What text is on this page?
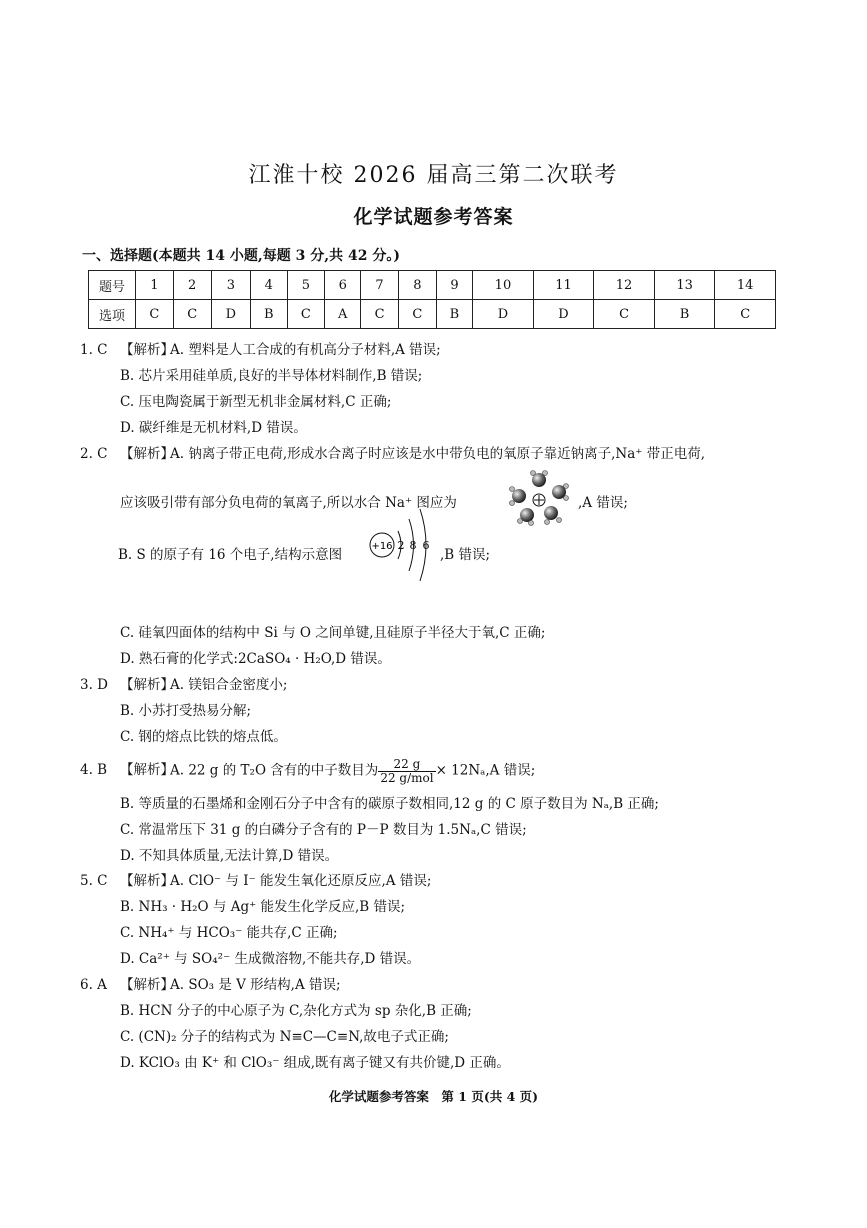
江淮十校 2026 届高三第二次联考
化学试题参考答案
一、选择题(本题共 14 小题,每题 3 分,共 42 分。)
题号	1	2	3	4	5	6	7	8	9	10	11	12	13	14
选项	C	C	D	B	C	A	C	C	B	D	D	C	B	C
1. C 【解析】
A. 塑料是人工合成的有机高分子材料,A 错误;
B. 芯片采用硅单质,良好的半导体材料制作,B 错误;
C. 压电陶瓷属于新型无机非金属材料,C 正确;
D. 碳纤维是无机材料,D 错误。
2. C 【解析】
A. 钠离子带正电荷,形成水合离子时应该是水中带负电的氧原子靠近钠离子,Na⁺ 带正电荷,
应该吸引带有部分负电荷的氧离子,所以水合 Na⁺ 图应为	,A 错误;
B. S 的原子有 16 个电子,结构示意图
+16 2 8 6
,B 错误;
C. 硅氧四面体的结构中 Si 与 O 之间单键,且硅原子半径大于氧,C 正确;
D. 熟石膏的化学式:2CaSO₄ · H₂O,D 错误。
3. D 【解析】
A. 镁铝合金密度小;
B. 小苏打受热易分解;
C. 钢的熔点比铁的熔点低。
4. B 【解析】
A. 22 g 的 T₂O 含有的中子数目为 $\frac{22 g}{\text{22 g/mol}} \times 12N_a,A$ 错误;
B. 等质量的石墨烯和金刚石分子中含有的碳原子数相同,12 g 的 C 原子数目为 Nₐ,B 正确;
C. 常温常压下 31 g 的白磷分子含有的 P－P 数目为 1.5Nₐ,C 错误;
D. 不知具体质量,无法计算,D 错误。
5. C 【解析】
A. ClO⁻ 与 I⁻ 能发生氧化还原反应,A 错误;
B. NH₃ · H₂O 与 Ag⁺ 能发生化学反应,B 错误;
C. NH₄⁺ 与 HCO₃⁻ 能共存,C 正确;
D. Ca²⁺ 与 SO₄²⁻ 生成微溶物,不能共存,D 错误。
6. A 【解析】
A. SO₃ 是 V 形结构,A 错误;
B. HCN 分子的中心原子为 C,杂化方式为 sp 杂化,B 正确;
C. (CN)₂ 分子的结构式为 N≡C—C≡N,故电子式正确;
D. KClO₃ 由 K⁺ 和 ClO₃⁻ 组成,既有离子键又有共价键,D 正确。
化学试题参考答案　第 1 页(共 4 页)
